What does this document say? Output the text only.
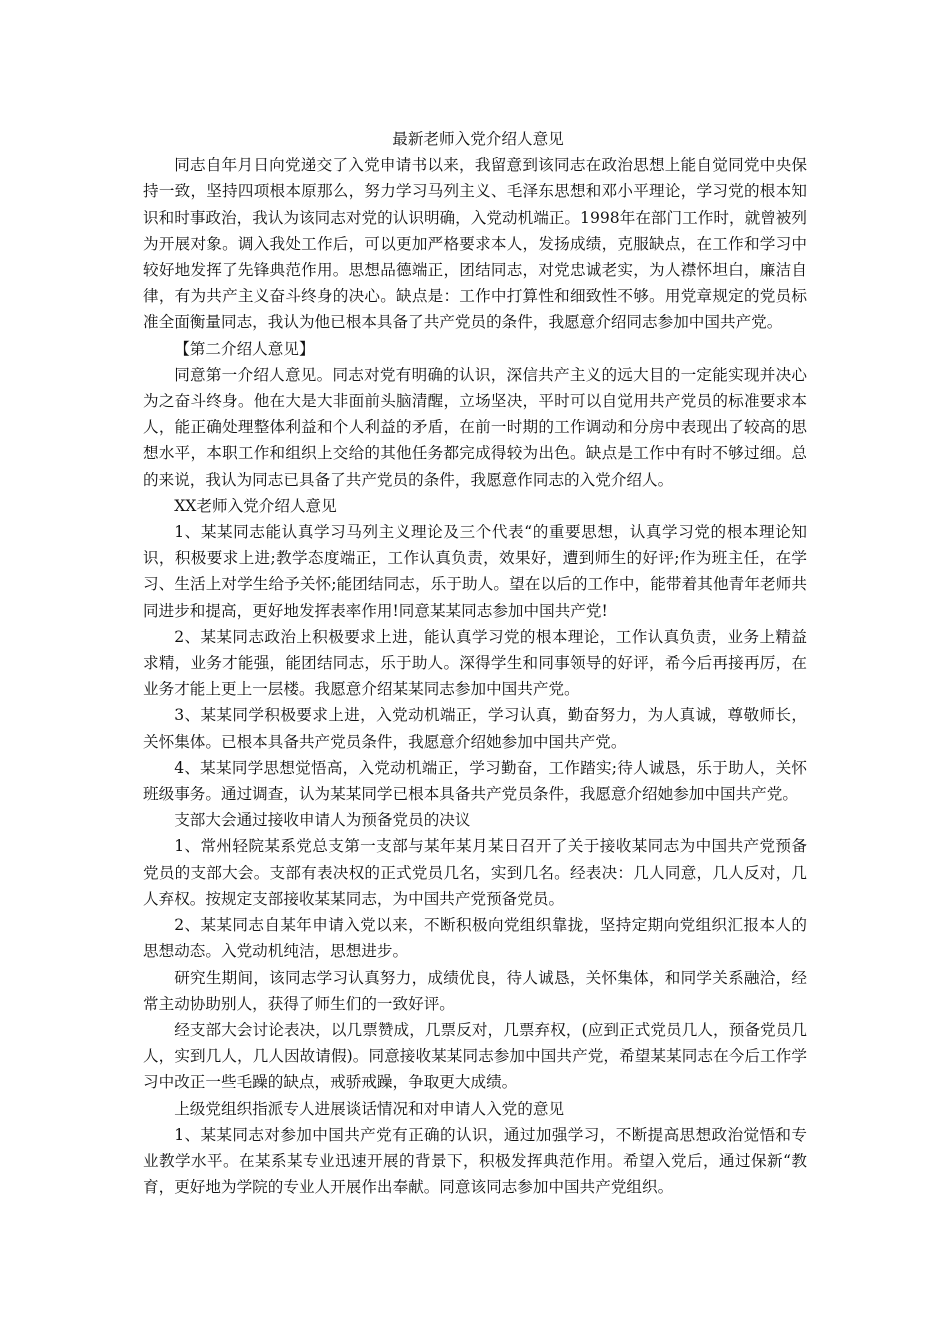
最新老师入党介绍人意见

同志自年月日向党递交了入党申请书以来，我留意到该同志在政治思想上能自觉同党中央保持一致，坚持四项根本原那么，努力学习马列主义、毛泽东思想和邓小平理论，学习党的根本知识和时事政治，我认为该同志对党的认识明确，入党动机端正。1998年在部门工作时，就曾被列为开展对象。调入我处工作后，可以更加严格要求本人，发扬成绩，克服缺点，在工作和学习中较好地发挥了先锋典范作用。思想品德端正，团结同志，对党忠诚老实，为人襟怀坦白，廉洁自律，有为共产主义奋斗终身的决心。缺点是：工作中打算性和细致性不够。用党章规定的党员标准全面衡量同志，我认为他已根本具备了共产党员的条件，我愿意介绍同志参加中国共产党。

【第二介绍人意见】

同意第一介绍人意见。同志对党有明确的认识，深信共产主义的远大目的一定能实现并决心为之奋斗终身。他在大是大非面前头脑清醒，立场坚决，平时可以自觉用共产党员的标准要求本人，能正确处理整体利益和个人利益的矛盾，在前一时期的工作调动和分房中表现出了较高的思想水平，本职工作和组织上交给的其他任务都完成得较为出色。缺点是工作中有时不够过细。总的来说，我认为同志已具备了共产党员的条件，我愿意作同志的入党介绍人。

XX老师入党介绍人意见

1、某某同志能认真学习马列主义理论及三个代表“的重要思想，认真学习党的根本理论知识，积极要求上进;教学态度端正，工作认真负责，效果好，遭到师生的好评;作为班主任，在学习、生活上对学生给予关怀;能团结同志，乐于助人。望在以后的工作中，能带着其他青年老师共同进步和提高，更好地发挥表率作用!同意某某同志参加中国共产党!

2、某某同志政治上积极要求上进，能认真学习党的根本理论，工作认真负责，业务上精益求精，业务才能强，能团结同志，乐于助人。深得学生和同事领导的好评，希今后再接再厉，在业务才能上更上一层楼。我愿意介绍某某同志参加中国共产党。

3、某某同学积极要求上进，入党动机端正，学习认真，勤奋努力，为人真诚，尊敬师长，关怀集体。已根本具备共产党员条件，我愿意介绍她参加中国共产党。

4、某某同学思想觉悟高，入党动机端正，学习勤奋，工作踏实;待人诚恳，乐于助人，关怀班级事务。通过调查，认为某某同学已根本具备共产党员条件，我愿意介绍她参加中国共产党。

支部大会通过接收申请人为预备党员的决议

1、常州轻院某系党总支第一支部与某年某月某日召开了关于接收某同志为中国共产党预备党员的支部大会。支部有表决权的正式党员几名，实到几名。经表决：几人同意，几人反对，几人弃权。按规定支部接收某某同志，为中国共产党预备党员。

2、某某同志自某年申请入党以来，不断积极向党组织靠拢，坚持定期向党组织汇报本人的思想动态。入党动机纯洁，思想进步。

研究生期间，该同志学习认真努力，成绩优良，待人诚恳，关怀集体，和同学关系融洽，经常主动协助别人，获得了师生们的一致好评。

经支部大会讨论表决，以几票赞成，几票反对，几票弃权，(应到正式党员几人，预备党员几人，实到几人，几人因故请假)。同意接收某某同志参加中国共产党，希望某某同志在今后工作学习中改正一些毛躁的缺点，戒骄戒躁，争取更大成绩。

上级党组织指派专人进展谈话情况和对申请人入党的意见

1、某某同志对参加中国共产党有正确的认识，通过加强学习，不断提高思想政治觉悟和专业教学水平。在某系某专业迅速开展的背景下，积极发挥典范作用。希望入党后，通过保新“教育，更好地为学院的专业人开展作出奉献。同意该同志参加中国共产党组织。
